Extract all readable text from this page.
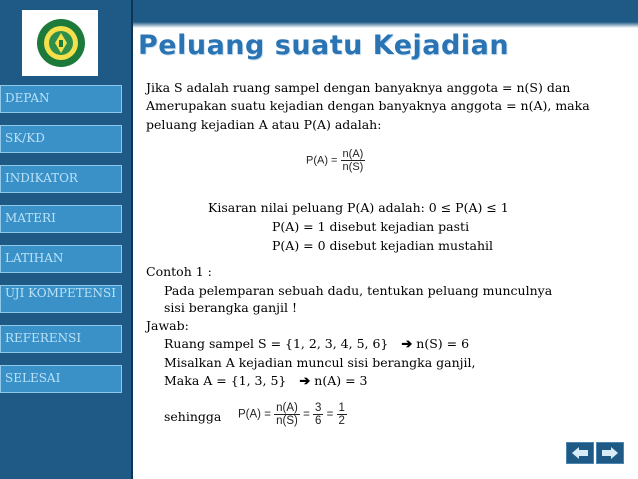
DEPAN
SK/KD
INDIKATOR
MATERI
LATIHAN
UJI KOMPETENSI
REFERENSI
SELESAI
Peluang suatu Kejadian
Jika S adalah ruang sampel dengan banyaknya anggota = n(S) dan
Amerupakan suatu kejadian dengan banyaknya anggota = n(A), maka
peluang kejadian A atau P(A) adalah:
$P(A) = \frac{n(A)}{n(S)}$
Kisaran nilai peluang P(A) adalah: 0 ≤ P(A) ≤ 1
P(A) = 1 disebut kejadian pasti
P(A) = 0 disebut kejadian mustahil
Contoh 1 :
Pada pelemparan sebuah dadu, tentukan peluang munculnya
sisi berangka ganjil !
Jawab:
Ruang sampel S = {1, 2, 3, 4, 5, 6}   ➔ n(S) = 6
Misalkan A kejadian muncul sisi berangka ganjil,
Maka A = {1, 3, 5}   ➔ n(A) = 3
sehingga $P(A) = \frac{n(A)}{n(S)} = \frac{3}{6} = \frac{1}{2}$
